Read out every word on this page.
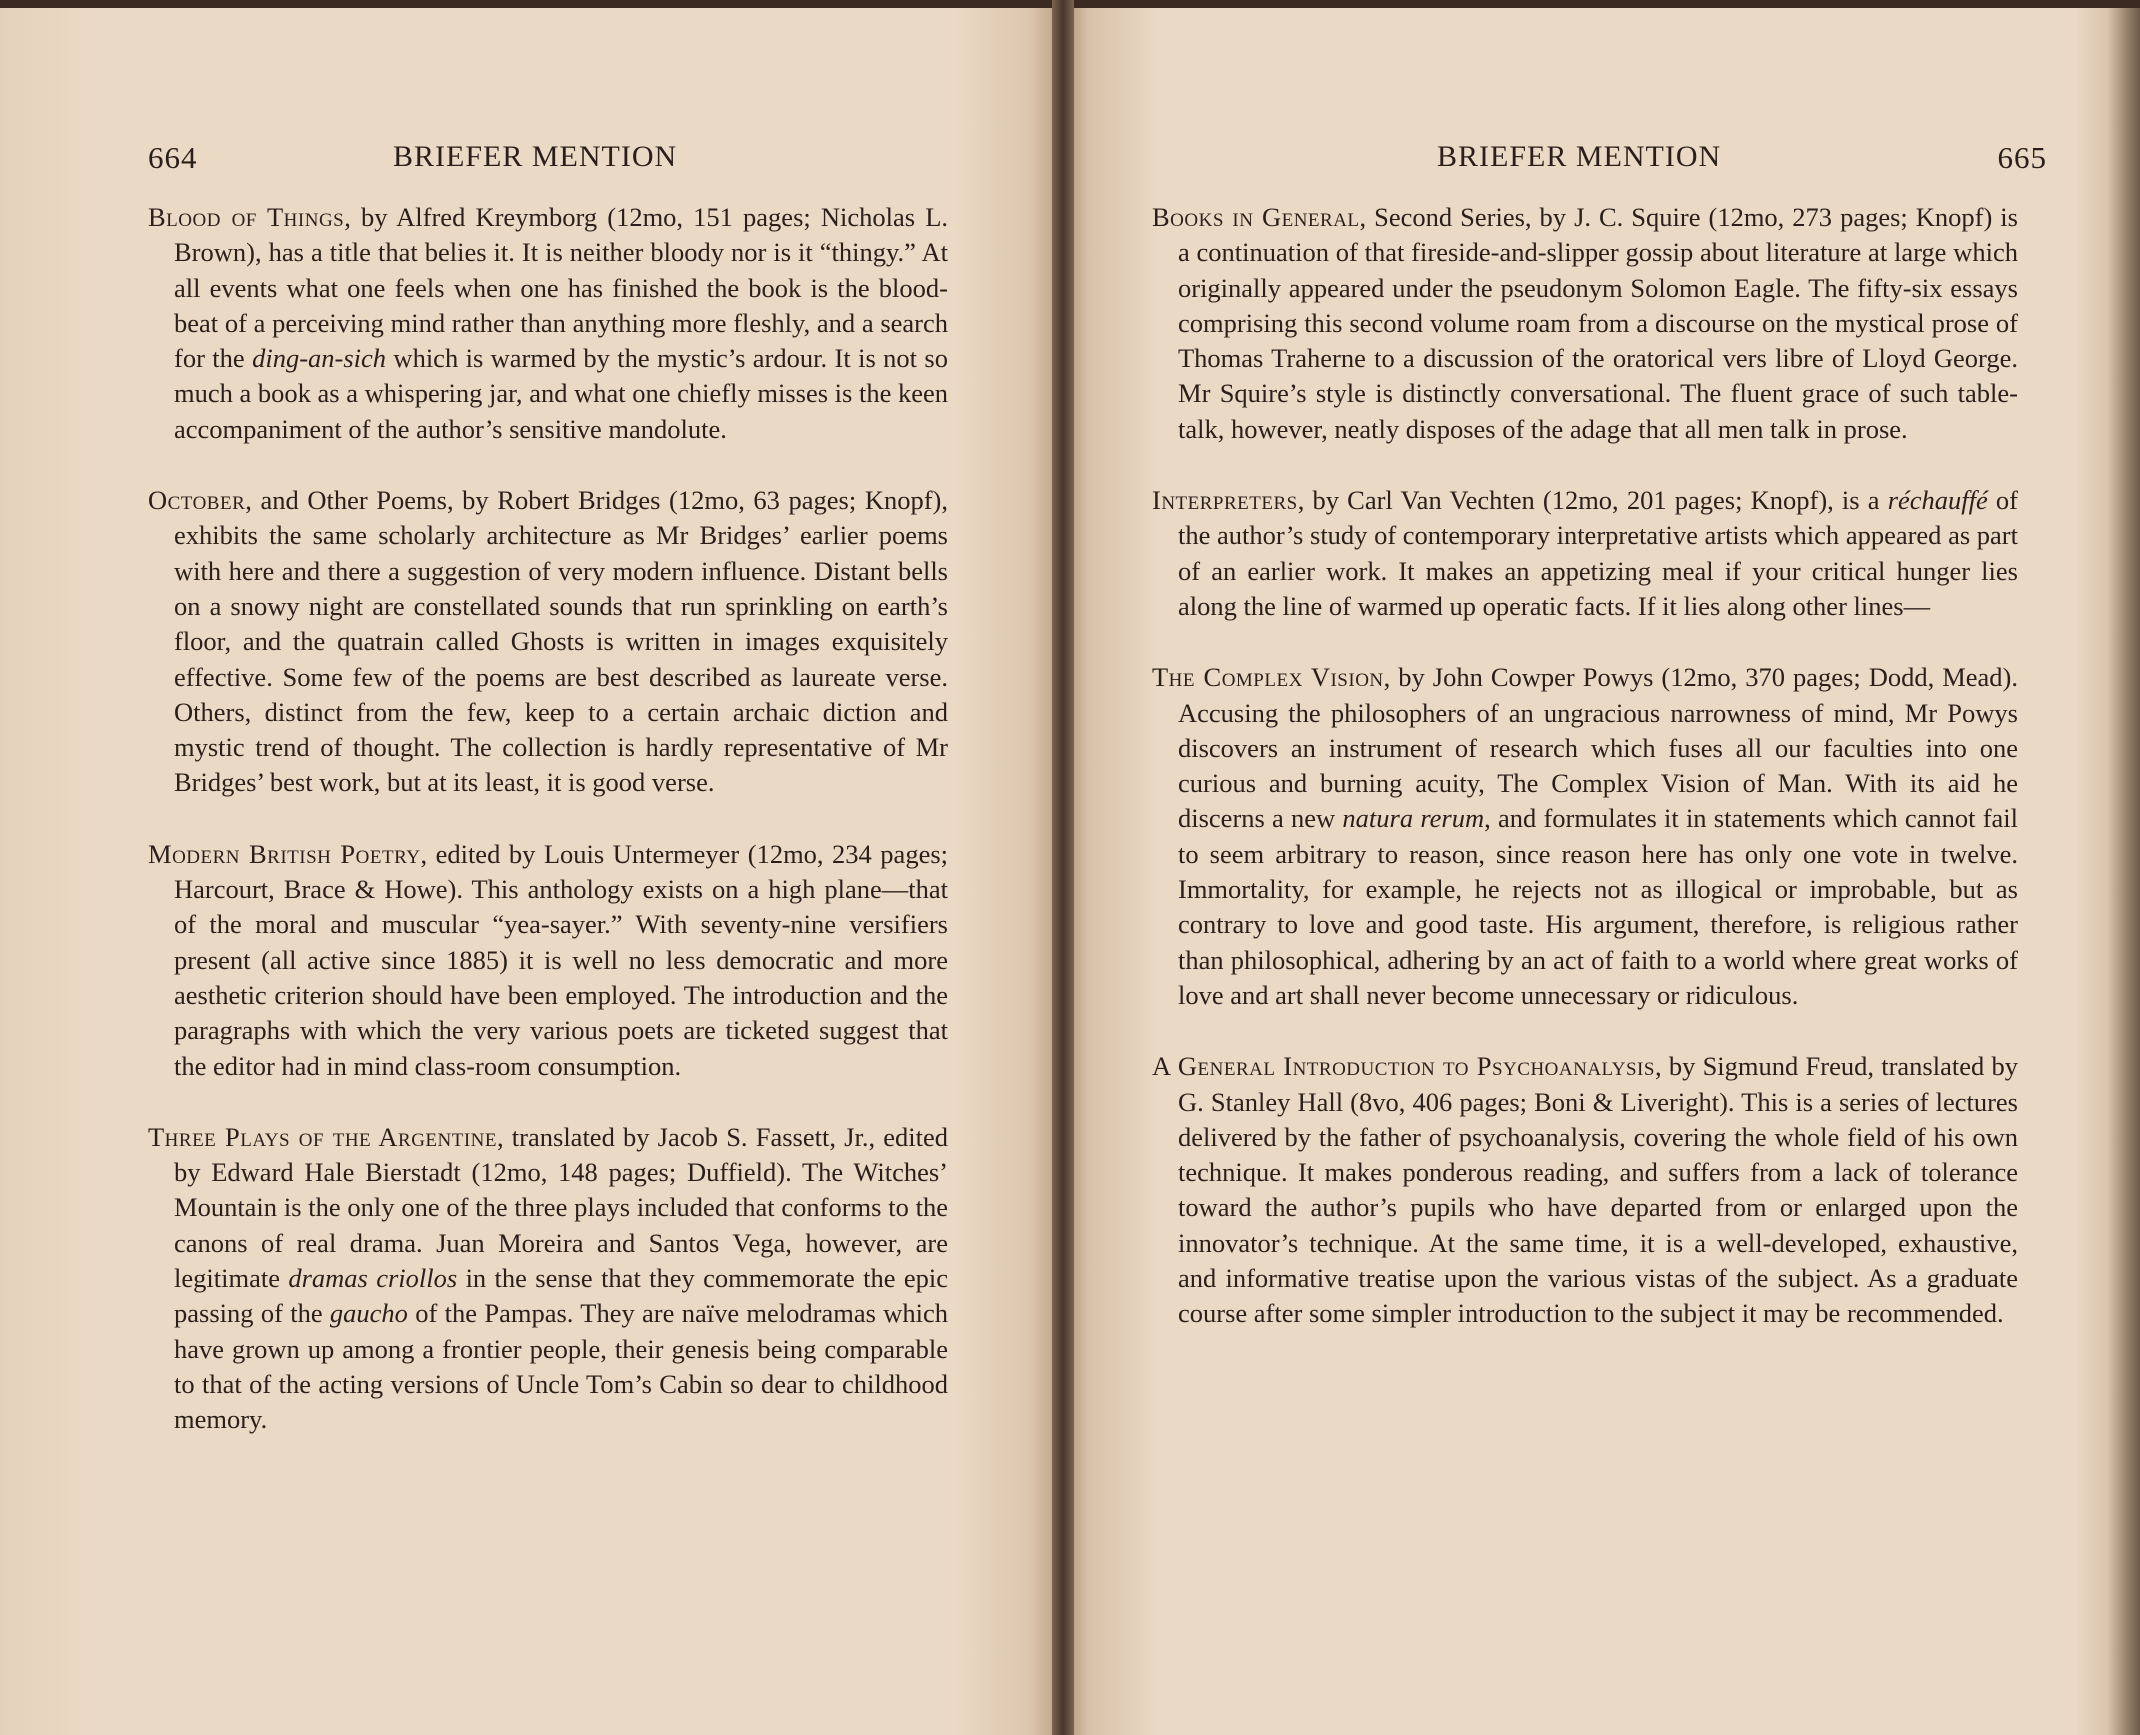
664	BRIEFER MENTION

Blood of Things, by Alfred Kreymborg (12mo, 151 pages; Nicholas L. Brown), has a title that belies it. It is neither bloody nor is it “thingy.” At all events what one feels when one has finished the book is the blood-beat of a perceiving mind rather than anything more fleshly, and a search for the ding-an-sich which is warmed by the mystic’s ardour. It is not so much a book as a whispering jar, and what one chiefly misses is the keen accompaniment of the author’s sensitive mandolute.

October, and Other Poems, by Robert Bridges (12mo, 63 pages; Knopf), exhibits the same scholarly architecture as Mr Bridges’ earlier poems with here and there a suggestion of very modern influence. Distant bells on a snowy night are constellated sounds that run sprinkling on earth’s floor, and the quatrain called Ghosts is written in images exquisitely effective. Some few of the poems are best described as laureate verse. Others, distinct from the few, keep to a certain archaic diction and mystic trend of thought. The collection is hardly representative of Mr Bridges’ best work, but at its least, it is good verse.

Modern British Poetry, edited by Louis Untermeyer (12mo, 234 pages; Harcourt, Brace & Howe). This anthology exists on a high plane—that of the moral and muscular “yea-sayer.” With seventy-nine versifiers present (all active since 1885) it is well no less democratic and more aesthetic criterion should have been employed. The introduction and the paragraphs with which the very various poets are ticketed suggest that the editor had in mind class-room consumption.

Three Plays of the Argentine, translated by Jacob S. Fassett, Jr., edited by Edward Hale Bierstadt (12mo, 148 pages; Duffield). The Witches’ Mountain is the only one of the three plays included that conforms to the canons of real drama. Juan Moreira and Santos Vega, however, are legitimate dramas criollos in the sense that they commemorate the epic passing of the gaucho of the Pampas. They are naïve melodramas which have grown up among a frontier people, their genesis being comparable to that of the acting versions of Uncle Tom’s Cabin so dear to childhood memory.

BRIEFER MENTION	665

Books in General, Second Series, by J. C. Squire (12mo, 273 pages; Knopf) is a continuation of that fireside-and-slipper gossip about literature at large which originally appeared under the pseudonym Solomon Eagle. The fifty-six essays comprising this second volume roam from a discourse on the mystical prose of Thomas Traherne to a discussion of the oratorical vers libre of Lloyd George. Mr Squire’s style is distinctly conversational. The fluent grace of such table-talk, however, neatly disposes of the adage that all men talk in prose.

Interpreters, by Carl Van Vechten (12mo, 201 pages; Knopf), is a réchauffé of the author’s study of contemporary interpretative artists which appeared as part of an earlier work. It makes an appetizing meal if your critical hunger lies along the line of warmed up operatic facts. If it lies along other lines—

The Complex Vision, by John Cowper Powys (12mo, 370 pages; Dodd, Mead). Accusing the philosophers of an ungracious narrowness of mind, Mr Powys discovers an instrument of research which fuses all our faculties into one curious and burning acuity, The Complex Vision of Man. With its aid he discerns a new natura rerum, and formulates it in statements which cannot fail to seem arbitrary to reason, since reason here has only one vote in twelve. Immortality, for example, he rejects not as illogical or improbable, but as contrary to love and good taste. His argument, therefore, is religious rather than philosophical, adhering by an act of faith to a world where great works of love and art shall never become unnecessary or ridiculous.

A General Introduction to Psychoanalysis, by Sigmund Freud, translated by G. Stanley Hall (8vo, 406 pages; Boni & Liveright). This is a series of lectures delivered by the father of psychoanalysis, covering the whole field of his own technique. It makes ponderous reading, and suffers from a lack of tolerance toward the author’s pupils who have departed from or enlarged upon the innovator’s technique. At the same time, it is a well-developed, exhaustive, and informative treatise upon the various vistas of the subject. As a graduate course after some simpler introduction to the subject it may be recommended.
